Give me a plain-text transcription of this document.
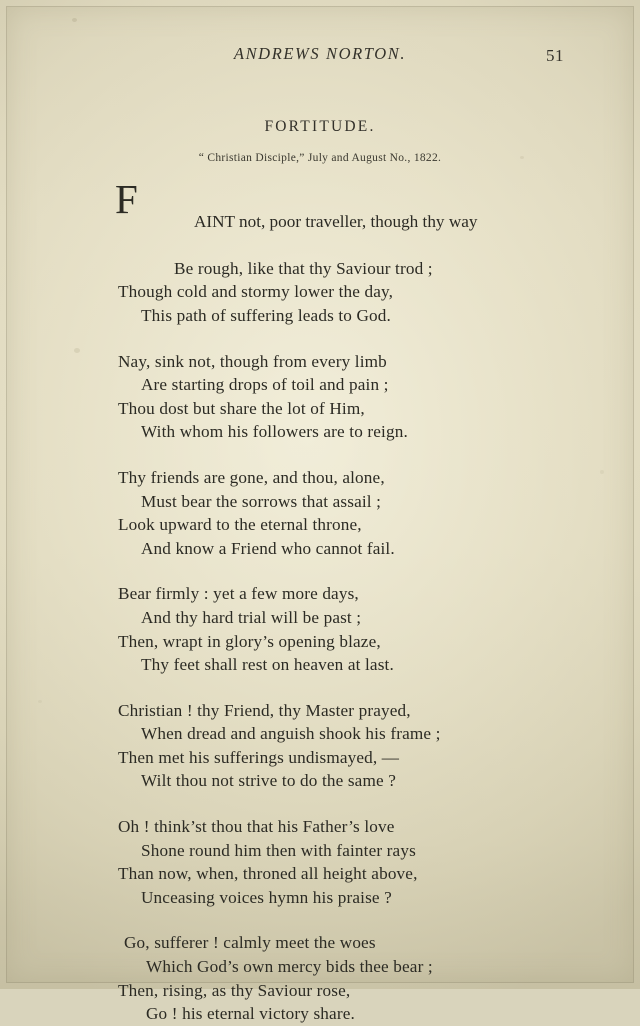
ANDREWS NORTON.	51
FORTITUDE.
“ Christian Disciple,” July and August No., 1822.

F	AINT not, poor traveller, though thy way

Be rough, like that thy Saviour trod ;
Though cold and stormy lower the day,
This path of suffering leads to God.
Nay, sink not, though from every limb
Are starting drops of toil and pain ;
Thou dost but share the lot of Him,
With whom his followers are to reign.
Thy friends are gone, and thou, alone,
Must bear the sorrows that assail ;
Look upward to the eternal throne,
And know a Friend who cannot fail.
Bear firmly : yet a few more days,
And thy hard trial will be past ;
Then, wrapt in glory’s opening blaze,
Thy feet shall rest on heaven at last.
Christian ! thy Friend, thy Master prayed,
When dread and anguish shook his frame ;
Then met his sufferings undismayed, —
Wilt thou not strive to do the same ?
Oh ! think’st thou that his Father’s love
Shone round him then with fainter rays
Than now, when, throned all height above,
Unceasing voices hymn his praise ?
Go, sufferer ! calmly meet the woes
Which God’s own mercy bids thee bear ;
Then, rising, as thy Saviour rose,
Go ! his eternal victory share.
